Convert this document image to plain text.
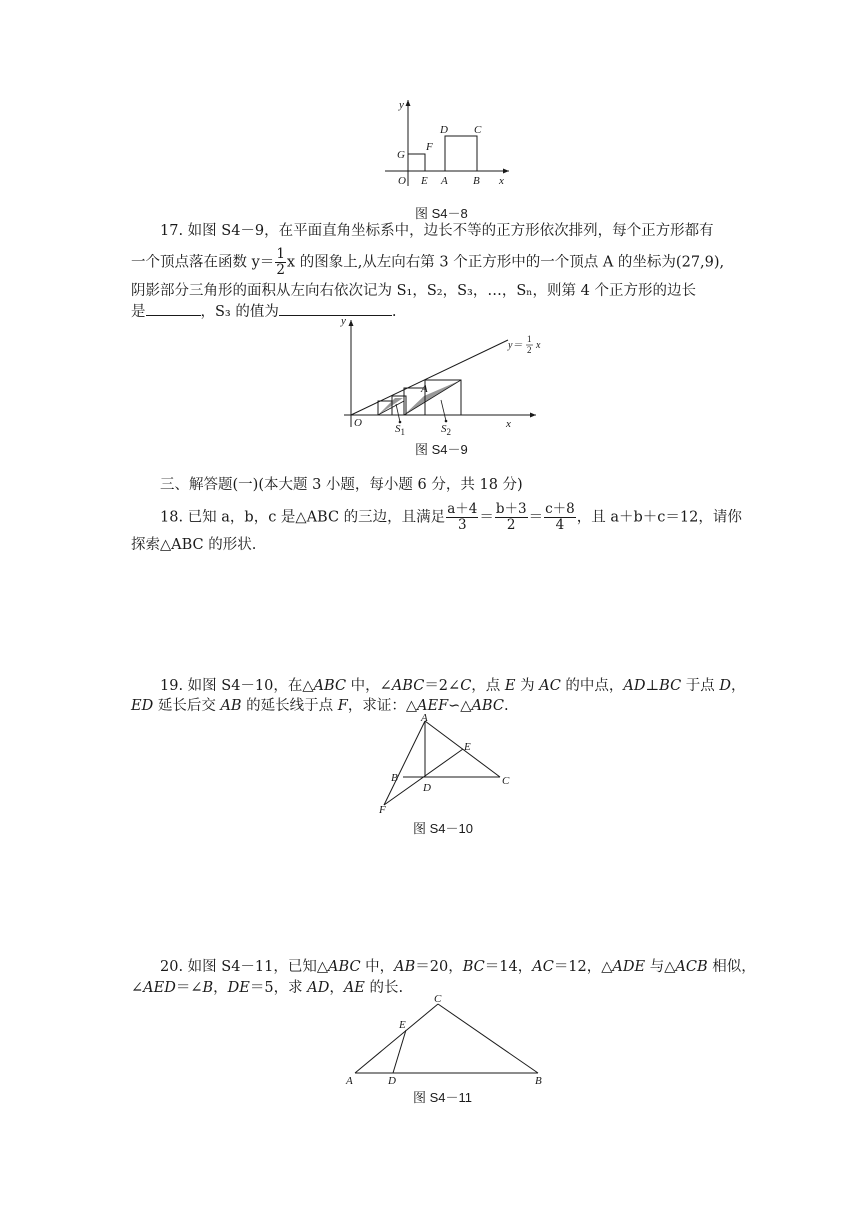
y
x
G
F
D C
O E A B
图 S4－8
17. 如图 S4－9，在平面直角坐标系中，边长不等的正方形依次排列，每个正方形都有
一个顶点落在函数 $y= \frac{1}{2}$ x 的图象上,从左向右第 3 个正方形中的一个顶点 A 的坐标为(27,9),
阴影部分三角形的面积从左向右依次记为 S₁，S₂，S₃，…，Sₙ，则第 4 个正方形的边长
是	，S₃ 的值为	.
y
x
O
A
$S_1$	$S_2$
y＝
1
2 x
图 S4－9
三、解答题(一)(本大题 3 小题，每小题 6 分，共 18 分)
18. 已知 a，b，c 是△ABC 的三边，且满足 $\frac{a+4}{3} = \frac{b+3}{2} = \frac{c+8}{4}$ ，且 a＋b＋c＝12，请你
探索△ABC 的形状.
19. 如图 S4－10，在△ABC 中，∠ABC＝2∠C，点 E 为 AC 的中点，AD⊥BC 于点 D，
ED 延长后交 AB 的延长线于点 F，求证：△AEF∽△ABC.
A
E
B
D
C
F
图 S4－10
20. 如图 S4－11，已知△ABC 中，AB＝20，BC＝14，AC＝12，△ADE 与△ACB 相似，
∠AED＝∠B，DE＝5，求 AD，AE 的长.
C
E
A	D	B
图 S4－11
